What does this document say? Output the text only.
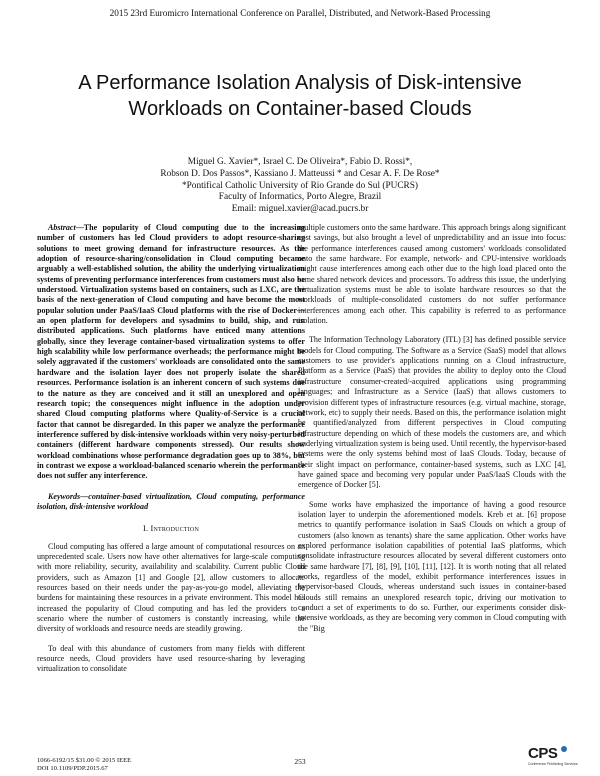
2015 23rd Euromicro International Conference on Parallel, Distributed, and Network-Based Processing
A Performance Isolation Analysis of Disk-intensive
Workloads on Container-based Clouds
Miguel G. Xavier*, Israel C. De Oliveira*, Fabio D. Rossi*,
Robson D. Dos Passos*, Kassiano J. Matteussi * and Cesar A. F. De Rose*
*Pontifical Catholic University of Rio Grande do Sul (PUCRS)
Faculty of Informatics, Porto Alegre, Brazil
Email: miguel.xavier@acad.pucrs.br
Abstract—The popularity of Cloud computing due to the increasing number of customers has led Cloud providers to adopt resource-sharing solutions to meet growing demand for infrastructure resources. As the adoption of resource-sharing/consolidation in Cloud computing became arguably a well-established solution, the ability the underlying virtualization systems of preventing performance interferences from customers must also be understood. Virtualization systems based on containers, such as LXC, are the basis of the next-generation of Cloud computing and have become the most popular solution under PaaS/IaaS Cloud platforms with the rise of Docker—an open platform for developers and sysadmins to build, ship, and run distributed applications. Such platforms have enticed many attentions globally, since they leverage container-based virtualization systems to offer high scalability while low performance overheads; the performance might be solely aggravated if the customers' workloads are consolidated onto the same hardware and the isolation layer does not properly isolate the shared resources. Performance isolation is an inherent concern of such systems due to the nature as they are conceived and it still an unexplored and open research topic; the consequences might influence in the adoption under shared Cloud computing platforms where Quality-of-Service is a crucial factor that cannot be disregarded. In this paper we analyze the performance interference suffered by disk-intensive workloads within very noisy-perturbed containers (different hardware components stressed). Our results show workload combinations whose performance degradation goes up to 38%, but in contrast we expose a workload-balanced scenario wherein the performance does not suffer any interference.
Keywords—container-based virtualization, Cloud computing, performance isolation, disk-intensive workload
I. Introduction

Cloud computing has offered a large amount of computational resources on an unprecedented scale. Users now have other alternatives for large-scale computing with more reliability, security, availability and scalability. Current public Cloud providers, such as Amazon [1] and Google [2], allow customers to allocate resources based on their needs under the pay-as-you-go model, alleviating the burdens for maintaining these resources in a private environment. This model has increased the popularity of Cloud computing and has led the providers to a scenario where the number of customers is constantly increasing, while the diversity of workloads and resource needs are steadily growing.

To deal with this abundance of customers from many fields with different resource needs, Cloud providers have used resource-sharing by leveraging virtualization to consolidate

multiple customers onto the same hardware. This approach brings along significant cost savings, but also brought a level of unpredictability and an issue into focus: the performance interferences caused among customers' workloads consolidated onto the same hardware. For example, network- and CPU-intensive workloads might cause interferences among each other due to the high load placed onto the same shared network devices and processors. To address this issue, the underlying virtualization systems must be able to isolate hardware resources so that the workloads of multiple-consolidated customers do not suffer performance interferences among each other. This capability is referred to as performance isolation.

The Information Technology Laboratory (ITL) [3] has defined possible service models for Cloud computing. The Software as a Service (SaaS) model that allows customers to use provider's applications running on a Cloud infrastructure, Platform as a Service (PaaS) that provides the ability to deploy onto the Cloud infrastructure consumer-created/-acquired applications using programming languages; and Infrastructure as a Service (IaaS) that allows customers to provision different types of infrastructure resources (e.g. virtual machine, storage, network, etc) to supply their needs. Based on this, the performance isolation might be quantified/analyzed from different perspectives in Cloud computing infrastructure depending on which of these models the customers are, and which underlying virtualization system is being used. Until recently, the hypervisor-based systems were the only systems behind most of IaaS Clouds. Today, because of their slight impact on performance, container-based systems, such as LXC [4], have gained space and becoming very popular under PaaS/IaaS Clouds with the emergence of Docker [5].

Some works have emphasized the importance of having a good resource isolation layer to underpin the aforementioned models. Kreb et at. [6] propose metrics to quantify performance isolation in SaaS Clouds on which a group of customers (also known as tenants) share the same application. Other works have explored performance isolation capabilities of potential IaaS platforms, which consolidate infrastructure resources allocated by several different customers onto the same hardware [7], [8], [9], [10], [11], [12]. It is worth noting that all related works, regardless of the model, exhibit performance interferences issues in hypervisor-based Clouds, whereas understand such issues in container-based Clouds still remains an unexplored research topic, driving our motivation to conduct a set of experiments to do so. Further, our experiments consider disk-intensive workloads, as they are becoming very common in Cloud computing with the "Big

1066-6192/15 $31.00 © 2015 IEEE
DOI 10.1109/PDP.2015.67
253	CPS
Conference Publishing Services
